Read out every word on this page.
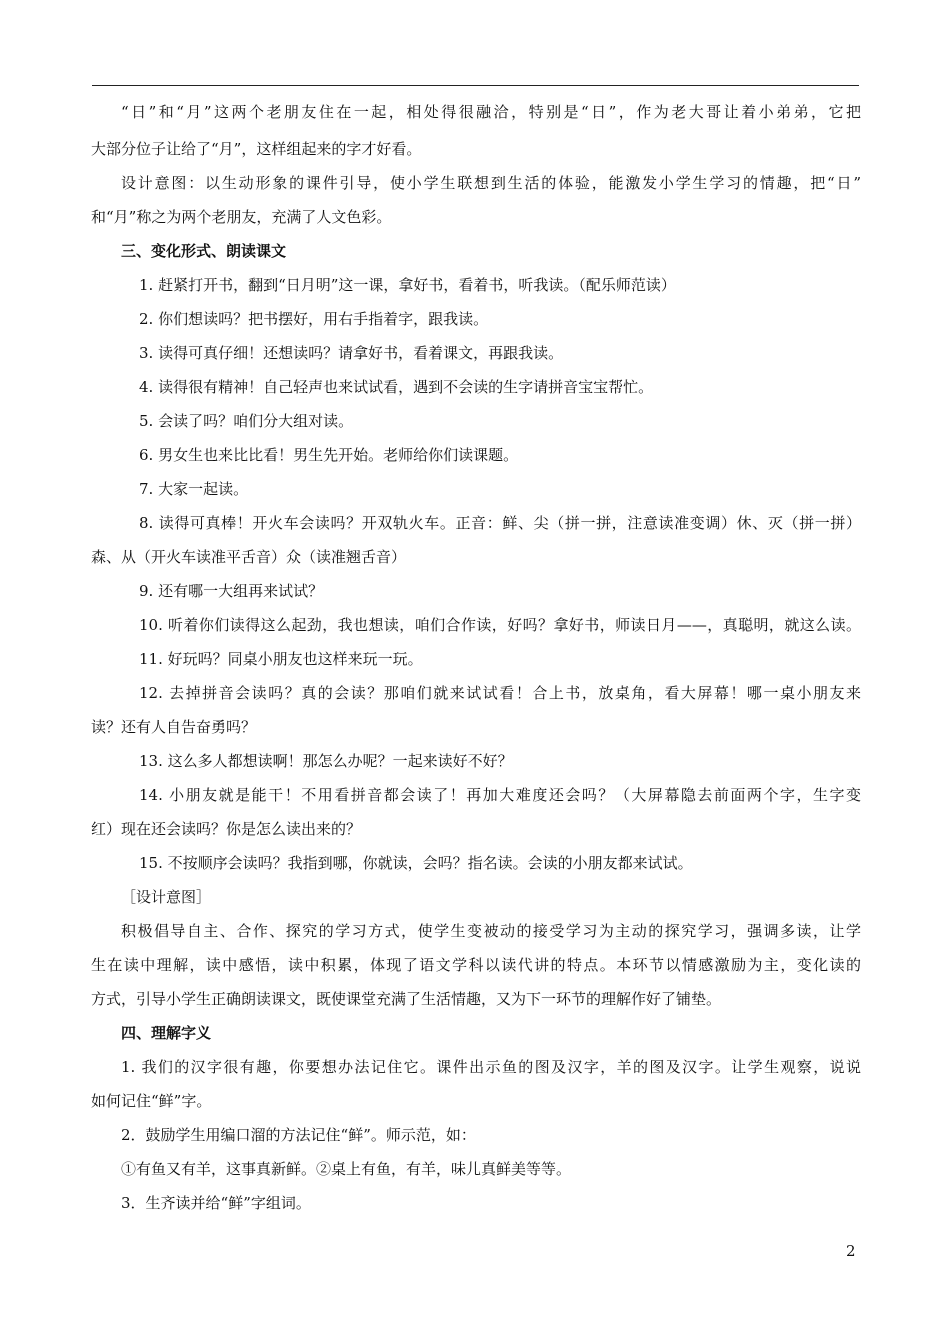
“日”和“月”这两个老朋友住在一起，相处得很融洽，特别是“日”，作为老大哥让着小弟弟，它把
大部分位子让给了“月”，这样组起来的字才好看。
设计意图：以生动形象的课件引导，使小学生联想到生活的体验，能激发小学生学习的情趣，把“日”
和“月”称之为两个老朋友，充满了人文色彩。
三、变化形式、朗读课文
1. 赶紧打开书，翻到“日月明”这一课，拿好书，看着书，听我读。（配乐师范读）
2. 你们想读吗？把书摆好，用右手指着字，跟我读。
3. 读得可真仔细！还想读吗？请拿好书，看着课文，再跟我读。
4. 读得很有精神！自己轻声也来试试看，遇到不会读的生字请拼音宝宝帮忙。
5. 会读了吗？咱们分大组对读。
6. 男女生也来比比看！男生先开始。老师给你们读课题。
7. 大家一起读。
8. 读得可真棒！开火车会读吗？开双轨火车。正音：鲜、尖（拼一拼，注意读准变调）休、灭（拼一拼）
森、从（开火车读准平舌音）众（读准翘舌音）
9. 还有哪一大组再来试试？
10. 听着你们读得这么起劲，我也想读，咱们合作读，好吗？拿好书，师读日月——，真聪明，就这么读。
11. 好玩吗？同桌小朋友也这样来玩一玩。
12. 去掉拼音会读吗？真的会读？那咱们就来试试看！合上书，放桌角，看大屏幕！哪一桌小朋友来
读？还有人自告奋勇吗？
13. 这么多人都想读啊！那怎么办呢？一起来读好不好？
14. 小朋友就是能干！不用看拼音都会读了！再加大难度还会吗？（大屏幕隐去前面两个字，生字变
红）现在还会读吗？你是怎么读出来的？
15. 不按顺序会读吗？我指到哪，你就读，会吗？指名读。会读的小朋友都来试试。
［设计意图］
积极倡导自主、合作、探究的学习方式，使学生变被动的接受学习为主动的探究学习，强调多读，让学
生在读中理解，读中感悟，读中积累，体现了语文学科以读代讲的特点。本环节以情感激励为主，变化读的
方式，引导小学生正确朗读课文，既使课堂充满了生活情趣，又为下一环节的理解作好了铺垫。
四、理解字义
1. 我们的汉字很有趣，你要想办法记住它。课件出示鱼的图及汉字，羊的图及汉字。让学生观察，说说
如何记住“鲜”字。
2．鼓励学生用编口溜的方法记住“鲜”。师示范，如：
①有鱼又有羊，这事真新鲜。②桌上有鱼，有羊，味儿真鲜美等等。
3．生齐读并给“鲜”字组词。
2
